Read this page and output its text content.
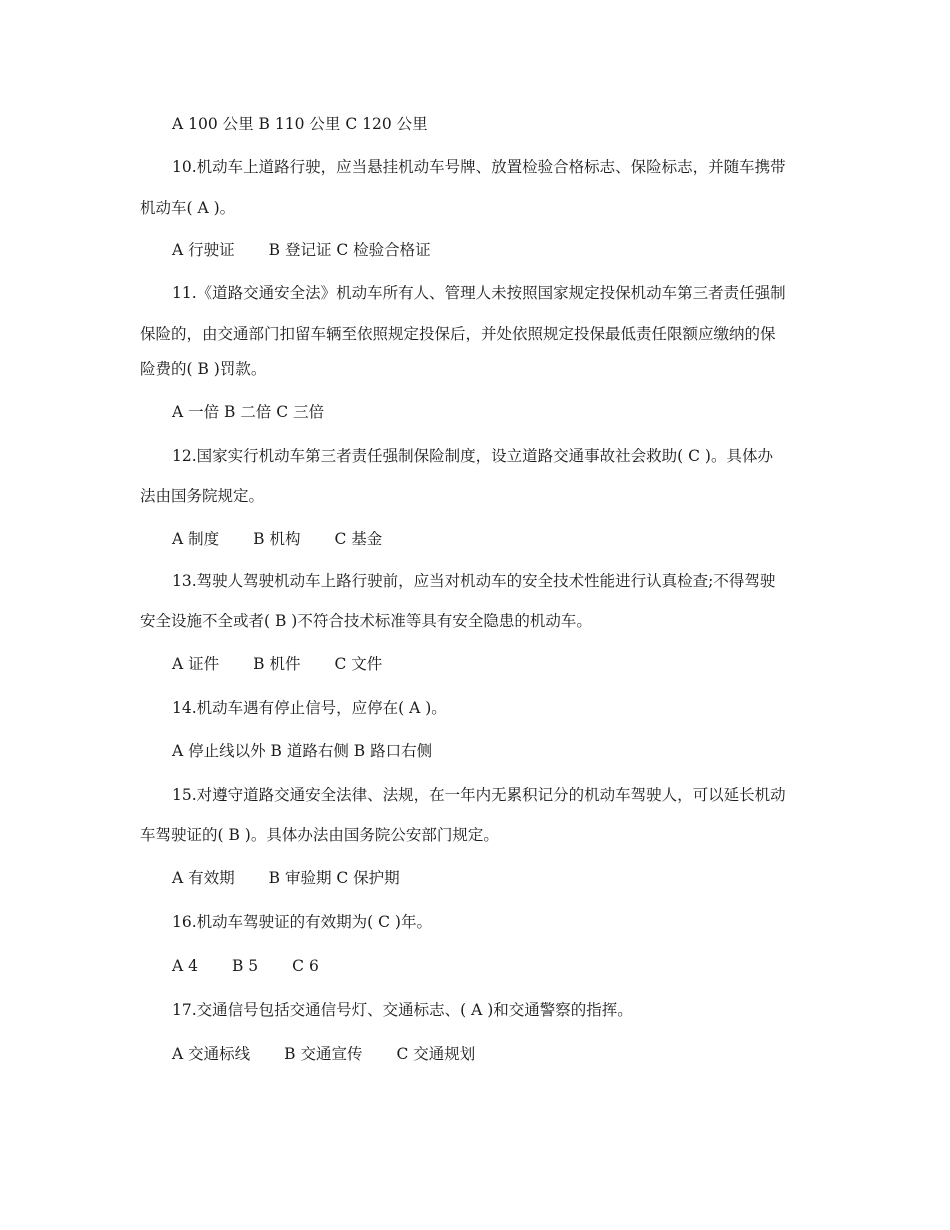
A 100 公里 B 110 公里 C 120 公里
10.机动车上道路行驶，应当悬挂机动车号牌、放置检验合格标志、保险标志，并随车携带
机动车( A )。
A 行驶证 B 登记证 C 检验合格证
11.《道路交通安全法》机动车所有人、管理人未按照国家规定投保机动车第三者责任强制
保险的，由交通部门扣留车辆至依照规定投保后，并处依照规定投保最低责任限额应缴纳的保
险费的( B )罚款。
A 一倍 B 二倍 C 三倍
12.国家实行机动车第三者责任强制保险制度，设立道路交通事故社会救助( C )。具体办
法由国务院规定。
A 制度 B 机构 C 基金
13.驾驶人驾驶机动车上路行驶前，应当对机动车的安全技术性能进行认真检查;不得驾驶
安全设施不全或者( B )不符合技术标准等具有安全隐患的机动车。
A 证件 B 机件 C 文件
14.机动车遇有停止信号，应停在( A )。
A 停止线以外 B 道路右侧 B 路口右侧
15.对遵守道路交通安全法律、法规，在一年内无累积记分的机动车驾驶人，可以延长机动
车驾驶证的( B )。具体办法由国务院公安部门规定。
A 有效期 B 审验期 C 保护期
16.机动车驾驶证的有效期为( C )年。
A 4 B 5 C 6
17.交通信号包括交通信号灯、交通标志、( A )和交通警察的指挥。
A 交通标线 B 交通宣传 C 交通规划
